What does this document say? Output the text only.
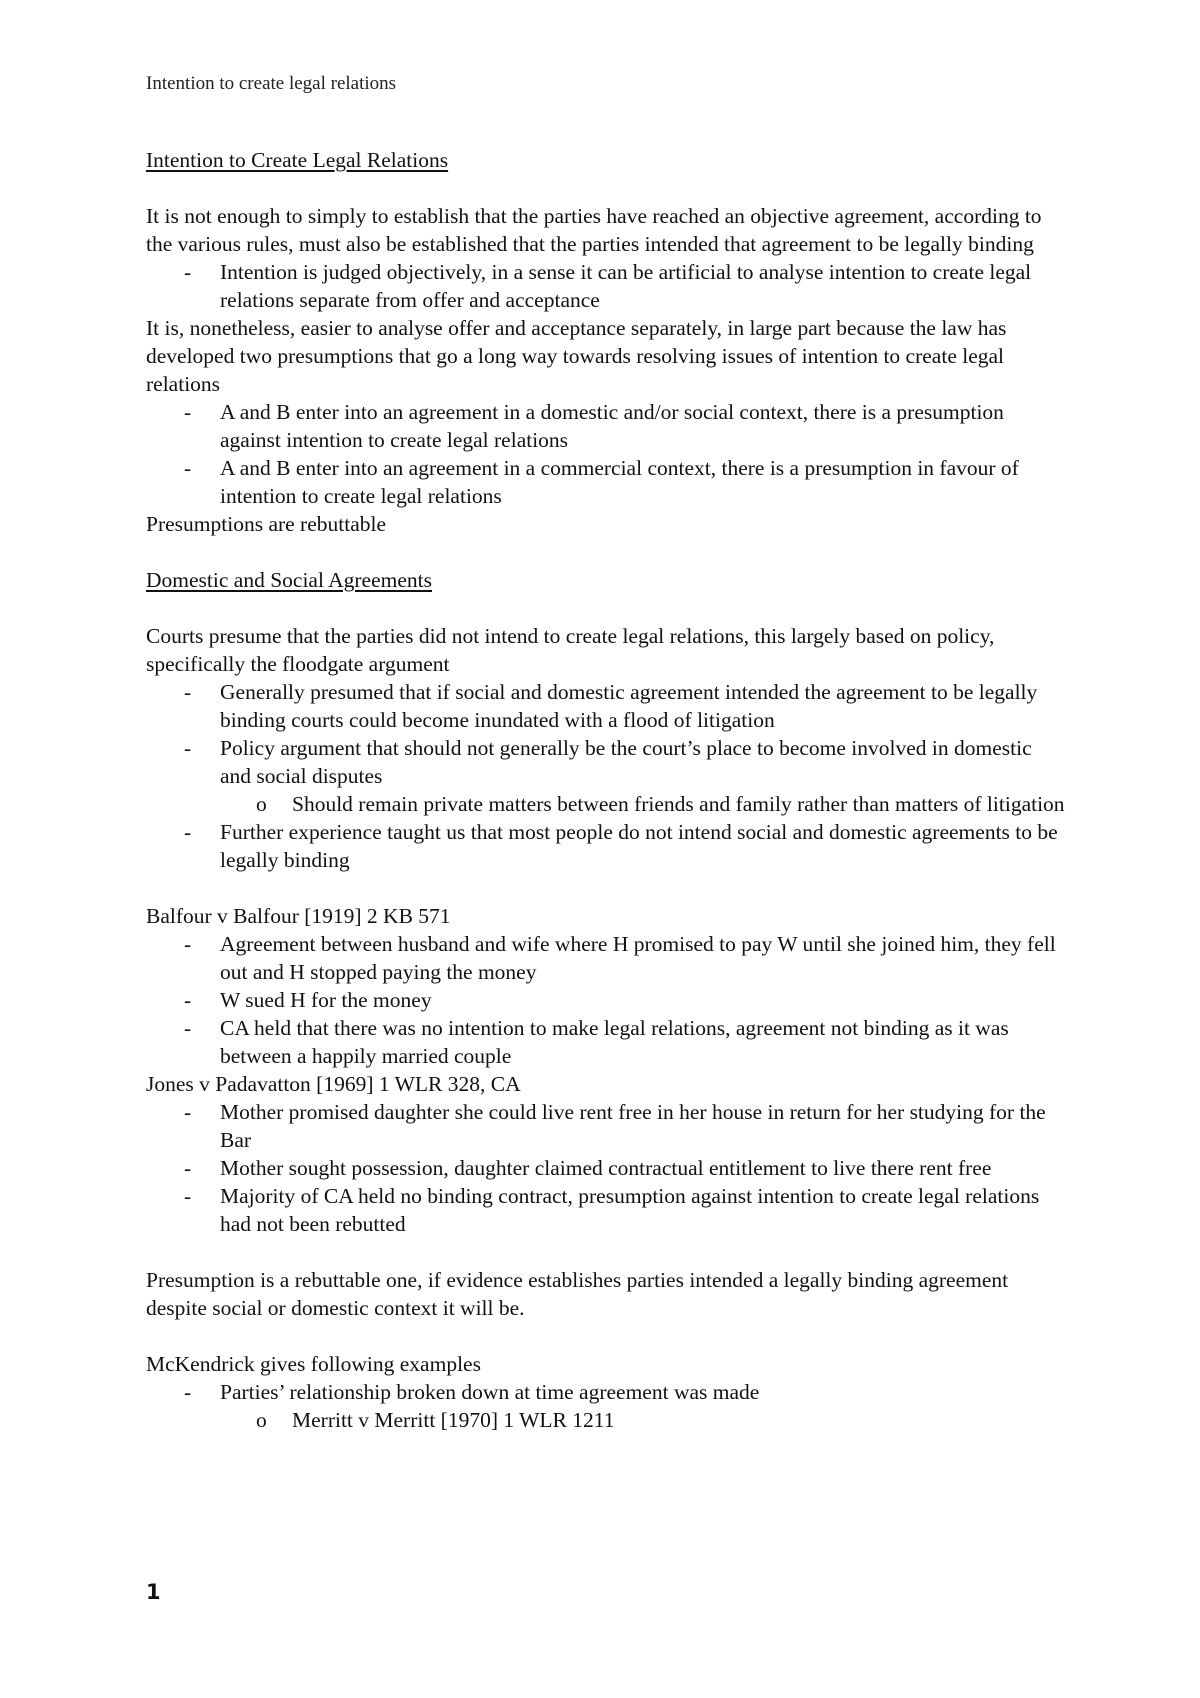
Intention to create legal relations

Intention to Create Legal Relations

It is not enough to simply to establish that the parties have reached an objective agreement, according to the various rules, must also be established that the parties intended that agreement to be legally binding

- Intention is judged objectively, in a sense it can be artificial to analyse intention to create legal relations separate from offer and acceptance

It is, nonetheless, easier to analyse offer and acceptance separately, in large part because the law has developed two presumptions that go a long way towards resolving issues of intention to create legal relations

- A and B enter into an agreement in a domestic and/or social context, there is a presumption against intention to create legal relations
- A and B enter into an agreement in a commercial context, there is a presumption in favour of intention to create legal relations

Presumptions are rebuttable

Domestic and Social Agreements

Courts presume that the parties did not intend to create legal relations, this largely based on policy, specifically the floodgate argument

- Generally presumed that if social and domestic agreement intended the agreement to be legally binding courts could become inundated with a flood of litigation
- Policy argument that should not generally be the court’s place to become involved in domestic and social disputes
o Should remain private matters between friends and family rather than matters of litigation
- Further experience taught us that most people do not intend social and domestic agreements to be legally binding

Balfour v Balfour [1919] 2 KB 571

- Agreement between husband and wife where H promised to pay W until she joined him, they fell out and H stopped paying the money
- W sued H for the money
- CA held that there was no intention to make legal relations, agreement not binding as it was between a happily married couple

Jones v Padavatton [1969] 1 WLR 328, CA

- Mother promised daughter she could live rent free in her house in return for her studying for the Bar
- Mother sought possession, daughter claimed contractual entitlement to live there rent free
- Majority of CA held no binding contract, presumption against intention to create legal relations had not been rebutted

Presumption is a rebuttable one, if evidence establishes parties intended a legally binding agreement despite social or domestic context it will be.

McKendrick gives following examples

- Parties’ relationship broken down at time agreement was made
o Merritt v Merritt [1970] 1 WLR 1211
1
